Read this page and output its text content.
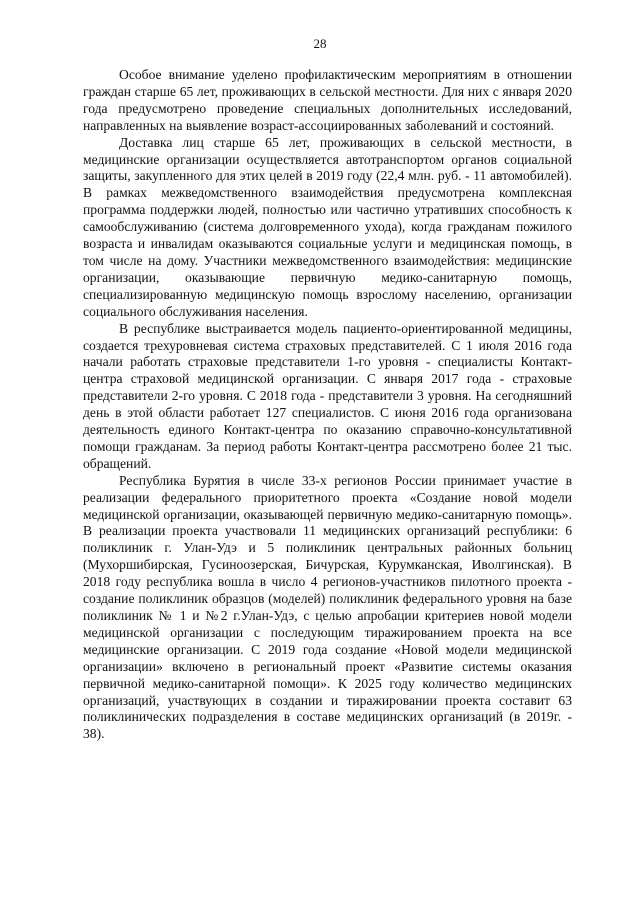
28

Особое внимание уделено профилактическим мероприятиям в отношении граждан старше 65 лет, проживающих в сельской местности. Для них с января 2020 года предусмотрено проведение специальных дополнительных исследований, направленных на выявление возраст-ассоциированных заболеваний и состояний.

Доставка лиц старше 65 лет, проживающих в сельской местности, в медицинские организации осуществляется автотранспортом органов социальной защиты, закупленного для этих целей в 2019 году (22,4 млн. руб. - 11 автомобилей). В рамках межведомственного взаимодействия предусмотрена комплексная программа поддержки людей, полностью или частично утративших способность к самообслуживанию (система долговременного ухода), когда гражданам пожилого возраста и инвалидам оказываются социальные услуги и медицинская помощь, в том числе на дому. Участники межведомственного взаимодействия: медицинские организации, оказывающие первичную медико-санитарную помощь, специализированную медицинскую помощь взрослому населению, организации социального обслуживания населения.

В республике выстраивается модель пациенто-ориентированной медицины, создается трехуровневая система страховых представителей. С 1 июля 2016 года начали работать страховые представители 1-го уровня - специалисты Контакт-центра страховой медицинской организации. С января 2017 года - страховые представители 2-го уровня. С 2018 года - представители 3 уровня. На сегодняшний день в этой области работает 127 специалистов. С июня 2016 года организована деятельность единого Контакт-центра по оказанию справочно-консультативной помощи гражданам. За период работы Контакт-центра рассмотрено более 21 тыс. обращений.

Республика Бурятия в числе 33-х регионов России принимает участие в реализации федерального приоритетного проекта «Создание новой модели медицинской организации, оказывающей первичную медико-санитарную помощь». В реализации проекта участвовали 11 медицинских организаций республики: 6 поликлиник г. Улан-Удэ и 5 поликлиник центральных районных больниц (Мухоршибирская, Гусиноозерская, Бичурская, Курумканская, Иволгинская). В 2018 году республика вошла в число 4 регионов-участников пилотного проекта - создание поликлиник образцов (моделей) поликлиник федерального уровня на базе поликлиник № 1 и №2 г.Улан-Удэ, с целью апробации критериев новой модели медицинской организации с последующим тиражированием проекта на все медицинские организации. С 2019 года создание «Новой модели медицинской организации» включено в региональный проект «Развитие системы оказания первичной медико-санитарной помощи». К 2025 году количество медицинских организаций, участвующих в создании и тиражировании проекта составит 63 поликлинических подразделения в составе медицинских организаций (в 2019г. - 38).
